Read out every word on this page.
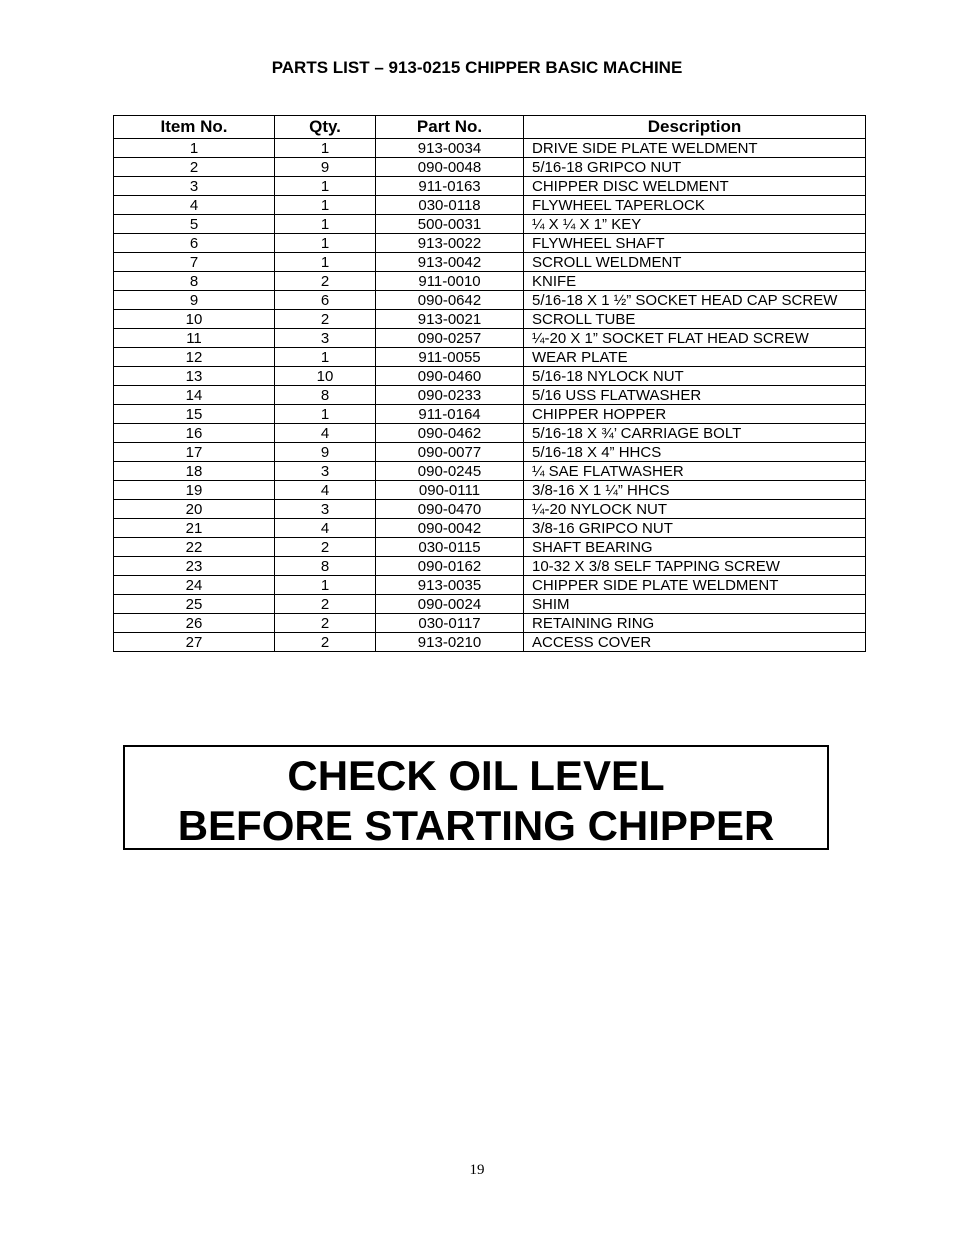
PARTS LIST – 913-0215 CHIPPER BASIC MACHINE
Item No.	Qty.	Part No.	Description
1	1	913-0034	DRIVE SIDE PLATE WELDMENT
2	9	090-0048	5/16-18 GRIPCO NUT
3	1	911-0163	CHIPPER DISC WELDMENT
4	1	030-0118	FLYWHEEL TAPERLOCK
5	1	500-0031	¼ X ¼ X 1” KEY
6	1	913-0022	FLYWHEEL SHAFT
7	1	913-0042	SCROLL WELDMENT
8	2	911-0010	KNIFE
9	6	090-0642	5/16-18 X 1 ½” SOCKET HEAD CAP SCREW
10	2	913-0021	SCROLL TUBE
11	3	090-0257	¼-20 X 1” SOCKET FLAT HEAD SCREW
12	1	911-0055	WEAR PLATE
13	10	090-0460	5/16-18 NYLOCK NUT
14	8	090-0233	5/16 USS FLATWASHER
15	1	911-0164	CHIPPER HOPPER
16	4	090-0462	5/16-18 X ¾’ CARRIAGE BOLT
17	9	090-0077	5/16-18 X 4” HHCS
18	3	090-0245	¼ SAE FLATWASHER
19	4	090-0111	3/8-16 X 1 ¼” HHCS
20	3	090-0470	¼-20 NYLOCK NUT
21	4	090-0042	3/8-16 GRIPCO NUT
22	2	030-0115	SHAFT BEARING
23	8	090-0162	10-32 X 3/8 SELF TAPPING SCREW
24	1	913-0035	CHIPPER SIDE PLATE WELDMENT
25	2	090-0024	SHIM
26	2	030-0117	RETAINING RING
27	2	913-0210	ACCESS COVER
CHECK OIL LEVEL
BEFORE STARTING CHIPPER
19
